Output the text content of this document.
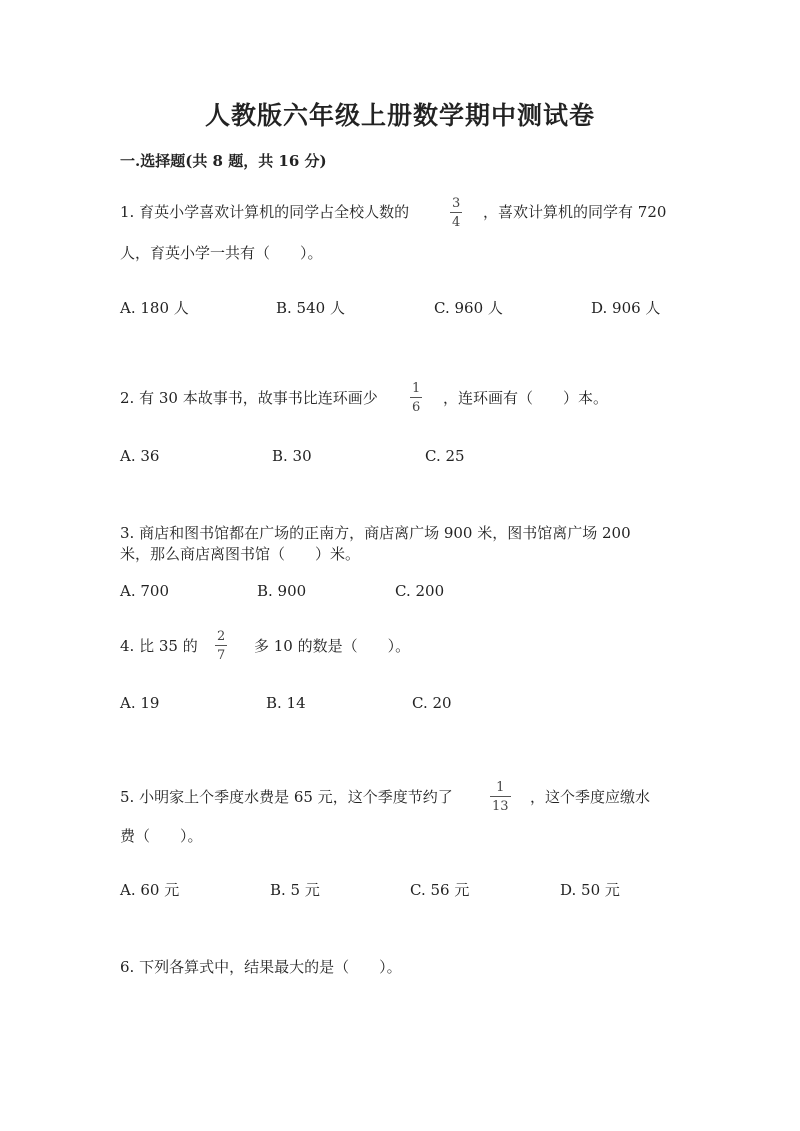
人教版六年级上册数学期中测试卷
一.选择题(共 8 题，共 16 分)
1. 育英小学喜欢计算机的同学占全校人数的	3
4
，喜欢计算机的同学有 720
人，育英小学一共有（　　）。
A. 180 人	B. 540 人	C. 960 人	D. 906 人
2. 有 30 本故事书，故事书比连环画少
1
6
，连环画有（　　）本。
A. 36	B. 30	C. 25
3. 商店和图书馆都在广场的正南方，商店离广场 900 米，图书馆离广场 200
米，那么商店离图书馆（　　）米。
A. 700	B. 900	C. 200
4. 比 35 的
2
7
多 10 的数是（　　）。
A. 19	B. 14	C. 20
5. 小明家上个季度水费是 65 元，这个季度节约了
1
13
，这个季度应缴水
费（　　）。
A. 60 元	B. 5 元	C. 56 元	D. 50 元
6. 下列各算式中，结果最大的是（　　）。
